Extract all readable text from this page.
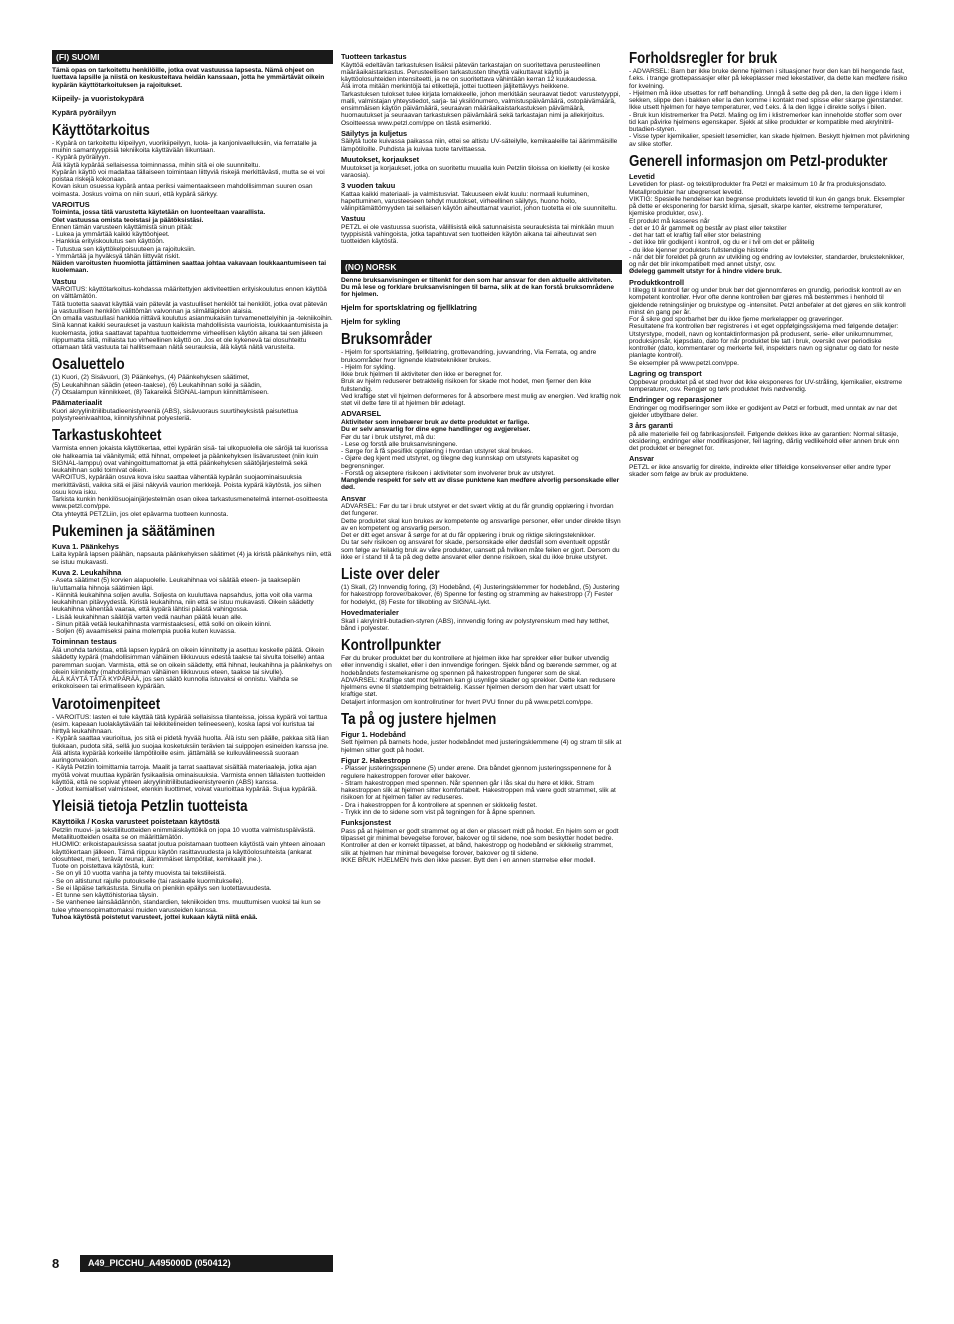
(FI) SUOMI

Tämä opas on tarkoitettu henkilöille, jotka ovat vastuussa lapsesta. Nämä ohjeet on luettava lapsille ja niistä on keskusteltava heidän kanssaan, jotta he ymmärtävät oikein kypärän käyttötarkoituksen ja rajoitukset.

Kiipeily- ja vuoristokypärä
Kypärä pyöräilyyn
Käyttötarkoitus

- Kypärä on tarkoitettu kiipeilyyn, vuorikiipeilyyn, luola- ja kanjonivaelluksiin, via ferratalle ja muihin samantyyppisiä tekniikoita käyttävään liikuntaan.
- Kypärä pyöräilyyn.
Älä käytä kypärää sellaisessa toiminnassa, mihin sitä ei ole suunniteltu.
Kypärän käyttö voi madaltaa tällaiseen toimintaan liittyviä riskejä merkittävästi, mutta se ei voi poistaa riskejä kokonaan.
Kovan iskun osuessa kypärä antaa periksi vaimentaakseen mahdollisimman suuren osan voimasta. Joskus voima on niin suuri, että kypärä särkyy.

VAROITUS

Toiminta, jossa tätä varustetta käytetään on luonteeltaan vaarallista.
Olet vastuussa omista teoistasi ja päätöksistäsi.

Ennen tämän varusteen käyttämistä sinun pitää:
- Lukea ja ymmärtää kaikki käyttöohjeet.
- Hankkia erityiskoulutus sen käyttöön.
- Tutustua sen käyttökelpoisuuteen ja rajoituksiin.
- Ymmärtää ja hyväksyä tähän liittyvät riskit.

Näiden varoitusten huomiotta jättäminen saattaa johtaa vakavaan loukkaantumiseen tai kuolemaan.

Vastuu

VAROITUS: käyttötarkoitus-kohdassa määritettyjen aktiviteettien erityiskoulutus ennen käyttöä on välttämätön.
Tätä tuotetta saavat käyttää vain pätevät ja vastuulliset henkilöt tai henkilöt, jotka ovat pätevän ja vastuullisen henkilön välittömän valvonnan ja silmälläpidon alaisia.
On omalla vastuullasi hankkia riittävä koulutus asianmukaisiin turvamenettelyihin ja -tekniikoihin.
Sinä kannat kaikki seuraukset ja vastuun kaikista mahdollisista vaurioista, loukkaantumisista ja kuolemasta, jotka saattavat tapahtua tuotteidemme virheellisen käytön aikana tai sen jälkeen riippumatta siitä, millaista tuo virheellinen käyttö on. Jos et ole kykenevä tai olosuhteittu ottamaan tätä vastuuta tai hallitsemaan näitä seurauksia, älä käytä näitä varusteita.

Osaluettelo

(1) Kuori, (2) Sisävuori, (3) Päänkehys, (4) Päänkehyksen säätimet,
(5) Leukahihnan säädin (eteen-taakse), (6) Leukahihnan solki ja säädin,
(7) Otsalampun kiinnikkeet, (8) Takareikä SIGNAL-lampun kiinnittämiseen.

Päämateriaalit

Kuori akryylinitriilibutadieenistyreeniä (ABS), sisävuoraus suurtiheyksistä paisutettua polystyreenivaahtoa, kiinnityshihnat polyesteriä.

Tarkastuskohteet

Varmista ennen jokaista käyttökertaa, ettei kypärän sisä- tai ulkopuolella ole säröjä tai kuorissa ole halkeamia tai väänitymiä; että hihnat, ompeleet ja päänkehyksen lisävarusteet (niin kuin SIGNAL-lamppu) ovat vahingoittumattomat ja että päänkehyksen säätöjärjestelmä sekä leukahihnan solki toimivat oikein.
VAROITUS, kypärään osuva kova isku saattaa vähentää kypärän suojaominaisuuksia merkittävästi, vaikka sitä ei jäisi näkyviä vaurion merkkejä. Poista kypärä käytöstä, jos siihen osuu kova isku.
Tarkista kunkin henkilösuojainjärjestelmän osan oikea tarkastusmenetelmä internet-osoitteesta www.petzl.com/ppe.
Ota yhteyttä PETZLiin, jos olet epävarma tuotteen kunnosta.

Pukeminen ja säätäminen
Kuva 1. Päänkehys

Laita kypärä lapsen päähän, napsauta päänkehyksen säätimet (4) ja kiristä päänkehys niin, että se istuu mukavasti.

Kuva 2. Leukahihna

- Aseta säätimet (5) korvien alapuolelle. Leukahihnaa voi säätää eteen- ja taaksepäin liu'uttamalla hihnoja säätimien läpi.
- Kiinnitä leukahihna soljen avulla. Soljesta on kuuluttava napsahdus, jotta voit olla varma leukahihnan pitävyydestä. Kiristä leukahihna, niin että se istuu mukavasti. Oikein säädetty leukahihna vähentää vaaraa, että kypärä lähtisi päästä vahingossa.
- Lisää leukahihnan säätöjä varten vedä nauhan päätä leuan alle.
- Sinun pitää vetää leukahihnasta varmistaaksesi, että solki on oikein kiinni.
- Soljen (6) avaamiseksi paina molempia puolia kuten kuvassa.

Toiminnan testaus

Älä unohda tarkistaa, että lapsen kypärä on oikein kiinnitetty ja asettuu keskelle päätä. Oikein säädetty kypärä (mahdollisimman vähäinen liikkuvuus edestä taakse tai sivulta toiselle) antaa paremman suojan. Varmista, että se on oikein säädetty, että hihnat, leukahihna ja päänkehys on oikein kiinnitetty (mahdollisimman vähäinen liikkuvuus eteen, taakse tai sivulle).
ÄLÄ KÄYTÄ TÄTÄ KYPÄRÄÄ, jos sen säätö kunnolla istuvaksi ei onnistu. Vaihda se erikokoiseen tai erimalliseen kypärään.

Varotoimenpiteet

- VAROITUS: lasten ei tule käyttää tätä kypärää sellaisissa tilanteissa, joissa kypärä voi tarttua (esim. kapeaan luolakäytävään tai leikkitelineiden telineeseen), koska lapsi voi kuristua tai hirttyä leukahihnaan.
- Kypärä saattaa vaurioitua, jos sitä ei pidetä hyvää huolta. Älä istu sen päälle, pakkaa sitä liian tiukkaan, pudota sitä, sellä juo suojaa kosketuksiin terävien tai suippojen esineiden kanssa jne.
Älä altista kypärää korkeille lämpötiloille esim. jättämällä se kulkuvälineessä suoraan auringonvaloon.
- Käytä Petzlin toimittamia tarroja. Maalit ja tarrat saattavat sisältää materiaaleja, jotka ajan myötä voivat muuttaa kypärän fysikaalisia ominaisuuksia. Varmista ennen tällaisten tuotteiden käyttöä, että ne sopivat yhteen akryylinitriilibutadieenistyreenin (ABS) kanssa.
- Jotkut kemialliset valmisteet, etenkin liuottimet, voivat vaurioittaa kypärää. Sujua kypärää.

Yleisiä tietoja Petzlin tuotteista
Käyttöikä / Koska varusteet poistetaan käytöstä

Petzlin muovi- ja tekstiilituotteiden enimmäiskäyttöikä on jopa 10 vuotta valmistuspäivästä. Metallituotteiden osalta se on määrittämätön.
HUOMIO: erikoistapauksissa saatat joutua poistamaan tuotteen käytöstä vain yhteen ainoaan käyttökertaan jälkeen. Tämä riippuu käytön rasittavuudesta ja käyttöolosuhteista (ankarat olosuhteet, meri, terävät reunat, äärimmäiset lämpötilat, kemikaalit jne.).
Tuote on poistettava käytöstä, kun:
- Se on yli 10 vuotta vanha ja tehty muovista tai tekstiileistä.
- Se on altistunut rajulle putoukselle (tai raskaalle kuormitukselle).
- Se ei läpäise tarkastusta. Sinulla on pienikin epäilys sen luotettavuudesta.
- Et tunne sen käyttöhistoriaa täysin.
- Se vanhenee lainsäädännön, standardien, tekniikoiden tms. muuttumisen vuoksi tai kun se tulee yhteensopimattomaksi muiden varusteiden kanssa.

Tuhoa käytöstä poistetut varusteet, jottei kukaan käytä niitä enää.

Tuotteen tarkastus

Käyttöä edeltävän tarkastuksen lisäksi pätevän tarkastajan on suoritettava perusteellinen määräaikaistarkastus. Perusteellisen tarkastusten tiheyttä vaikuttavat käyttö ja käyttöolosuhteiden intensiteetti, ja ne on suoritettava vähintään kerran 12 kuukaudessa.
Älä irrota mitään merkintöjä tai etikettejä, jottei tuotteen jäljitettävyys heikkene.
Tarkastuksen tulokset tulee kirjata lomakkeelle, johon merkitään seuraavat tiedot: varustetyyppi, malli, valmistajan yhteystiedot, sarja- tai yksilönumero, valmistuspäivämäärä, ostopäivämäärä, ensimmäisen käytön päivämäärä, seuraavan määräaikaistarkastuksen päivämäärä, huomautukset ja seuraavan tarkastuksen päivämäärä sekä tarkastajan nimi ja allekirjoitus.
Osoitteessa www.petzl.com/ppe on tästä esimerkki.

Säilytys ja kuljetus

Säilytä tuote kuivassa paikassa niin, ettei se altistu UV-säteilylle, kemikaaleille tai äärimmäisille lämpötiloille. Puhdista ja kuivaa tuote tarvittaessa.

Muutokset, korjaukset

Muutokset ja korjaukset, jotka on suoritettu muualla kuin Petzlin tiloissa on kielletty (ei koske varaosia).

3 vuoden takuu

Kattaa kaikki materiaali- ja valmistusviat. Takuuseen eivät kuulu: normaali kuluminen, hapettuminen, varusteeseen tehdyt muutokset, virheellinen säilytys, huono hoito, välinpitämättömyyden tai sellaisen käytön aiheuttamat vauriot, johon tuotetta ei ole suunniteltu.

Vastuu

PETZL ei ole vastuussa suorista, välillisistä eikä satunnaisista seurauksista tai minkään muun tyyppisistä vahingoista, jotka tapahtuvat sen tuotteiden käytön aikana tai aiheutuvat sen tuotteiden käytöstä.

(NO) NORSK

Denne bruksanvisningen er tiltenkt for den som har ansvar for den aktuelle aktiviteten. Du må lese og forklare bruksanvisningen til barna, slik at de kan forstå bruksområdene for hjelmen.

Hjelm for sportsklatring og fjellklatring
Hjelm for sykling
Bruksområder

- Hjelm for sportsklatring, fjellklatring, grottevandring, juvvandring, Via Ferrata, og andre bruksområder hvor lignende klatreteknikker brukes.
- Hjelm for sykling.
Ikke bruk hjelmen til aktiviteter den ikke er beregnet for.
Bruk av hjelm reduserer betraktelig risikoen for skade mot hodet, men fjerner den ikke fullstendig.
Ved kraftige støt vil hjelmen deformeres for å absorbere mest mulig av energien. Ved kraftig nok støt vil dette føre til at hjelmen blir ødelagt.

ADVARSEL

Aktiviteter som innebærer bruk av dette produktet er farlige.
Du er selv ansvarlig for dine egne handlinger og avgjørelser.

Før du tar i bruk utstyret, må du:
- Lese og forstå alle bruksanvisningene.
- Sørge for å få spesifikk opplæring i hvordan utstyret skal brukes.
- Gjøre deg kjent med utstyret, og tilegne deg kunnskap om utstyrets kapasitet og begrensninger.
- Forstå og akseptere risikoen i aktiviteter som involverer bruk av utstyret.

Manglende respekt for selv ett av disse punktene kan medføre alvorlig personskade eller død.

Ansvar

ADVARSEL: Før du tar i bruk utstyret er det svært viktig at du får grundig opplæring i hvordan det fungerer.
Dette produktet skal kun brukes av kompetente og ansvarlige personer, eller under direkte tilsyn av en kompetent og ansvarlig person.
Det er ditt eget ansvar å sørge for at du får opplæring i bruk og riktige sikringsteknikker.
Du tar selv risikoen og ansvaret for skade, personskade eller dødsfall som eventuelt oppstår som følge av feilaktig bruk av våre produkter, uansett på hvilken måte feilen er gjort. Dersom du ikke er i stand til å ta på deg dette ansvaret eller denne risikoen, skal du ikke bruke utstyret.

Liste over deler

(1) Skall, (2) Innvendig foring, (3) Hodebånd, (4) Justeringsklemmer for hodebånd, (5) Justering for hakestropp forover/bakover, (6) Spenne for festing og stramming av hakestropp (7) Fester for hodelykt, (8) Feste for tilkobling av SIGNAL-lykt.

Hovedmaterialer

Skall i akrylnitril-butadien-styren (ABS), innvendig foring av polystyrenskum med høy tetthet, bånd i polyester.

Kontrollpunkter

Før du bruker produktet bør du kontrollere at hjelmen ikke har sprekker eller bulker utvendig eller innvendig i skallet, eller i den innvendige foringen. Sjekk bånd og bærende sømmer, og at hodebåndets festemekanisme og spennen på hakestroppen fungerer som de skal.
ADVARSEL: Kraftige støt mot hjelmen kan gi usynlige skader og sprekker. Dette kan redusere hjelmens evne til støtdemping betraktelig. Kasser hjelmen dersom den har vært utsatt for kraftige støt.
Detaljert informasjon om kontrollrutiner for hvert PVU finner du på www.petzl.com/ppe.

Ta på og justere hjelmen
Figur 1. Hodebånd

Sett hjelmen på barnets hode, juster hodebåndet med justeringsklemmene (4) og stram til slik at hjelmen sitter godt på hodet.

Figur 2. Hakestropp

- Plasser justeringsspennene (5) under ørene. Dra båndet gjennom justeringsspennene for å regulere hakestroppen forover eller bakover.
- Stram hakestroppen med spennen. Når spennen går i lås skal du høre et klikk. Stram hakestroppen slik at hjelmen sitter komfortabelt. Hakestroppen må være godt strammet, slik at risikoen for at hjelmen faller av reduseres.
- Dra i hakestroppen for å kontrollere at spennen er skikkelig festet.
- Trykk inn de to sidene som vist på tegningen for å åpne spennen.

Funksjonstest

Pass på at hjelmen er godt strammet og at den er plassert midt på hodet. En hjelm som er godt tilpasset gir minimal bevegelse forover, bakover og til sidene, noe som beskytter hodet bedre. Kontroller at den er korrekt tilpasset, at bånd, hakestropp og hodebånd er skikkelig strammet, slik at hjelmen har minimal bevegelse forover, bakover og til sidene.
IKKE BRUK HJELMEN hvis den ikke passer. Bytt den i en annen størrelse eller modell.

Forholdsregler for bruk

- ADVARSEL: Barn bør ikke bruke denne hjelmen i situasjoner hvor den kan bli hengende fast, f.eks. i trange grottepassasjer eller på lekeplasser med lekestativer, da dette kan medføre risiko for kvelning.
- Hjelmen må ikke utsettes for røff behandling. Unngå å sette deg på den, la den ligge i klem i sekken, slippe den i bakken eller la den komme i kontakt med spisse eller skarpe gjenstander.
Ikke utsett hjelmen for høye temperaturer, ved f.eks. å la den ligge i direkte sollys i bilen.
- Bruk kun klistremerker fra Petzl. Maling og lim i klistremerker kan inneholde stoffer som over tid kan påvirke hjelmens egenskaper. Sjekk at slike produkter er kompatible med akrylnitril-butadien-styren.
- Visse typer kjemikalier, spesielt løsemidler, kan skade hjelmen. Beskytt hjelmen mot påvirkning av slike stoffer.

Generell informasjon om Petzl-produkter
Levetid

Levetiden for plast- og tekstilprodukter fra Petzl er maksimum 10 år fra produksjonsdato. Metallprodukter har ubegrenset levetid.
VIKTIG: Spesielle hendelser kan begrense produktets levetid til kun én gangs bruk. Eksempler på dette er eksponering for barskt klima, sjøsalt, skarpe kanter, ekstreme temperaturer, kjemiske produkter, osv.).
Et produkt må kasseres når
- det er 10 år gammelt og består av plast eller tekstiler
- det har tatt et kraftig fall eller stor belastning
- det ikke blir godkjent i kontroll, og du er i tvil om det er pålitelig
- du ikke kjenner produktets fullstendige historie
- når det blir foreldet på grunn av utvikling og endring av lovtekster, standarder, bruksteknikker, og når det blir inkompatibelt med annet utstyr, osv.

Ødelegg gammelt utstyr for å hindre videre bruk.

Produktkontroll

I tillegg til kontroll før og under bruk bør det gjennomføres en grundig, periodisk kontroll av en kompetent kontrollør. Hvor ofte denne kontrollen bør gjøres må bestemmes i henhold til gjeldende retningslinjer og brukstype og -intensitet. Petzl anbefaler at det gjøres en slik kontroll minst én gang per år.
For å sikre god sporbarhet bør du ikke fjerne merkelapper og graveringer.
Resultatene fra kontrollen bør registreres i et eget oppfølgingsskjema med følgende detaljer: Utstyrstype, modell, navn og kontaktinformasjon på produsent, serie- eller unikumnummer, produksjonsår, kjøpsdato, dato for når produktet ble tatt i bruk, oversikt over periodiske kontroller (dato, kommentarer og merkerte feil, inspektørs navn og signatur og dato for neste planlagte kontroll).
Se eksempler på www.petzl.com/ppe.

Lagring og transport

Oppbevar produktet på et sted hvor det ikke eksponeres for UV-stråling, kjemikalier, ekstreme temperaturer, osv. Rengjør og tørk produktet hvis nødvendig.

Endringer og reparasjoner

Endringer og modifiseringer som ikke er godkjent av Petzl er forbudt, med unntak av nar det gjelder utbyttbare deler.

3 års garanti

på alle materielle feil og fabrikasjonsfeil. Følgende dekkes ikke av garantien: Normal slitasje, oksidering, endringer eller modifikasjoner, feil lagring, dårlig vedlikehold eller annen bruk enn det produktet er beregnet for.

Ansvar

PETZL er ikke ansvarlig for direkte, indirekte eller tilfeldige konsekvenser eller andre typer skader som følge av bruk av produktene.

8	A49_PICCHU_A495000D (050412)
